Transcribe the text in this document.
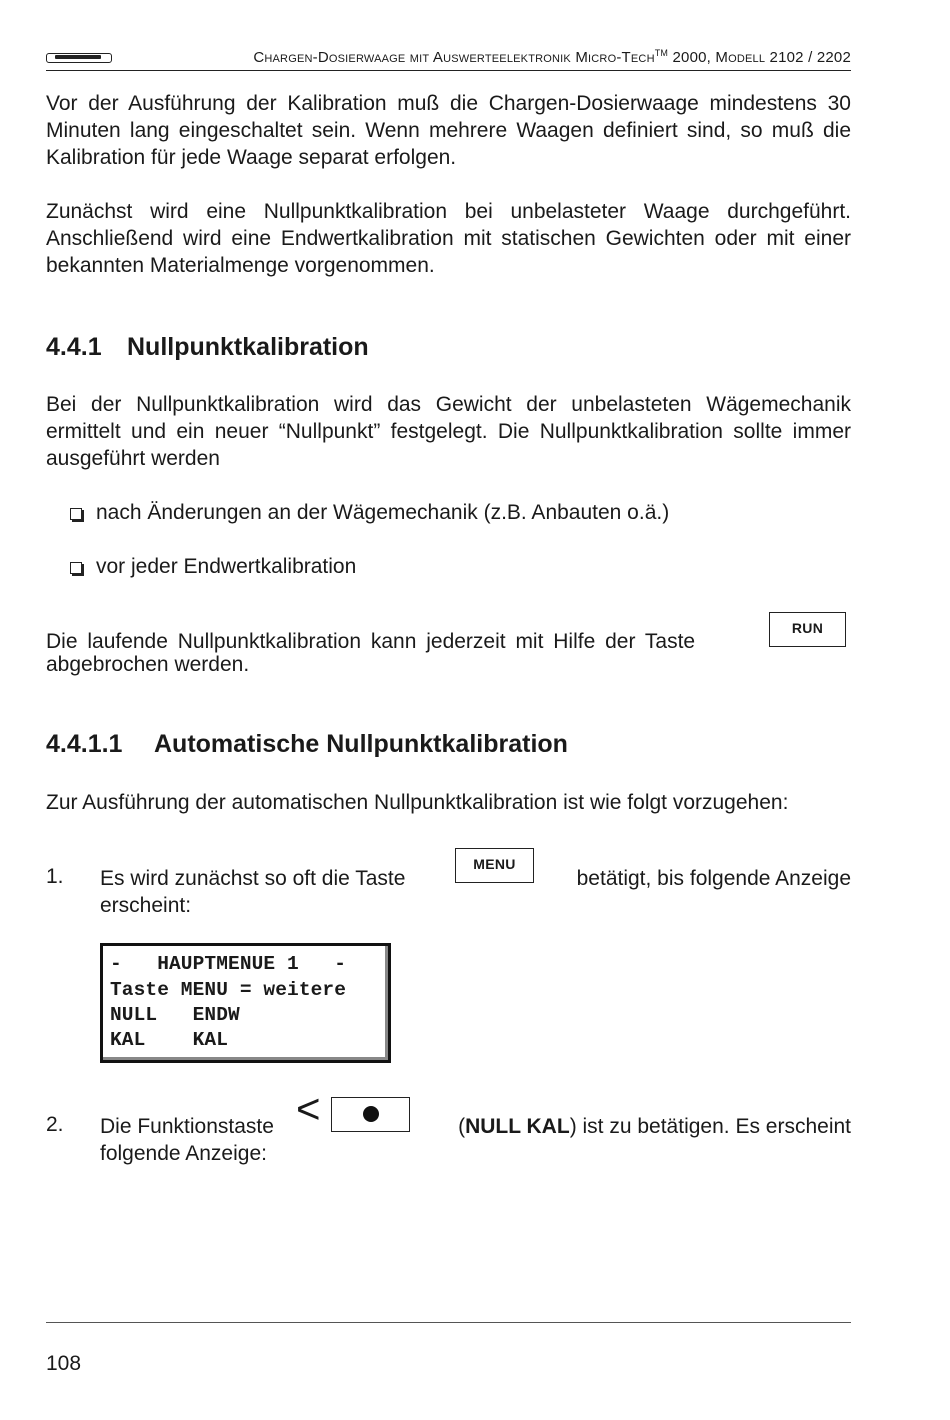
Chargen-Dosierwaage mit Auswerteelektronik Micro-Tech™ 2000, Modell 2102 / 2202

Vor der Ausführung der Kalibration muß die Chargen-Dosierwaage mindestens 30 Minuten lang eingeschaltet sein. Wenn mehrere Waagen definiert sind, so muß die Kalibration für jede Waage separat erfolgen.

Zunächst wird eine Nullpunktkalibration bei unbelasteter Waage durchgeführt. Anschließend wird eine Endwertkalibration mit statischen Gewichten oder mit einer bekannten Materialmenge vorgenommen.

4.4.1 Nullpunktkalibration

Bei der Nullpunktkalibration wird das Gewicht der unbelasteten Wägemechanik ermittelt und ein neuer “Nullpunkt” festgelegt. Die Nullpunktkalibration sollte immer ausgeführt werden

nach Änderungen an der Wägemechanik (z.B. Anbauten o.ä.)
vor jeder Endwertkalibration
Die laufende Nullpunktkalibration kann jederzeit mit Hilfe der Taste
abgebrochen werden.
RUN
4.4.1.1 Automatische Nullpunktkalibration

Zur Ausführung der automatischen Nullpunktkalibration ist wie folgt vorzugehen:

1. Es wird zunächst so oft die Taste
MENU
betätigt, bis folgende Anzeige
erscheint:
-   HAUPTMENUE 1   -
Taste MENU = weitere
NULL   ENDW
KAL    KAL
2. Die Funktionstaste <	(NULL KAL) ist zu betätigen. Es erscheint
folgende Anzeige:
108
